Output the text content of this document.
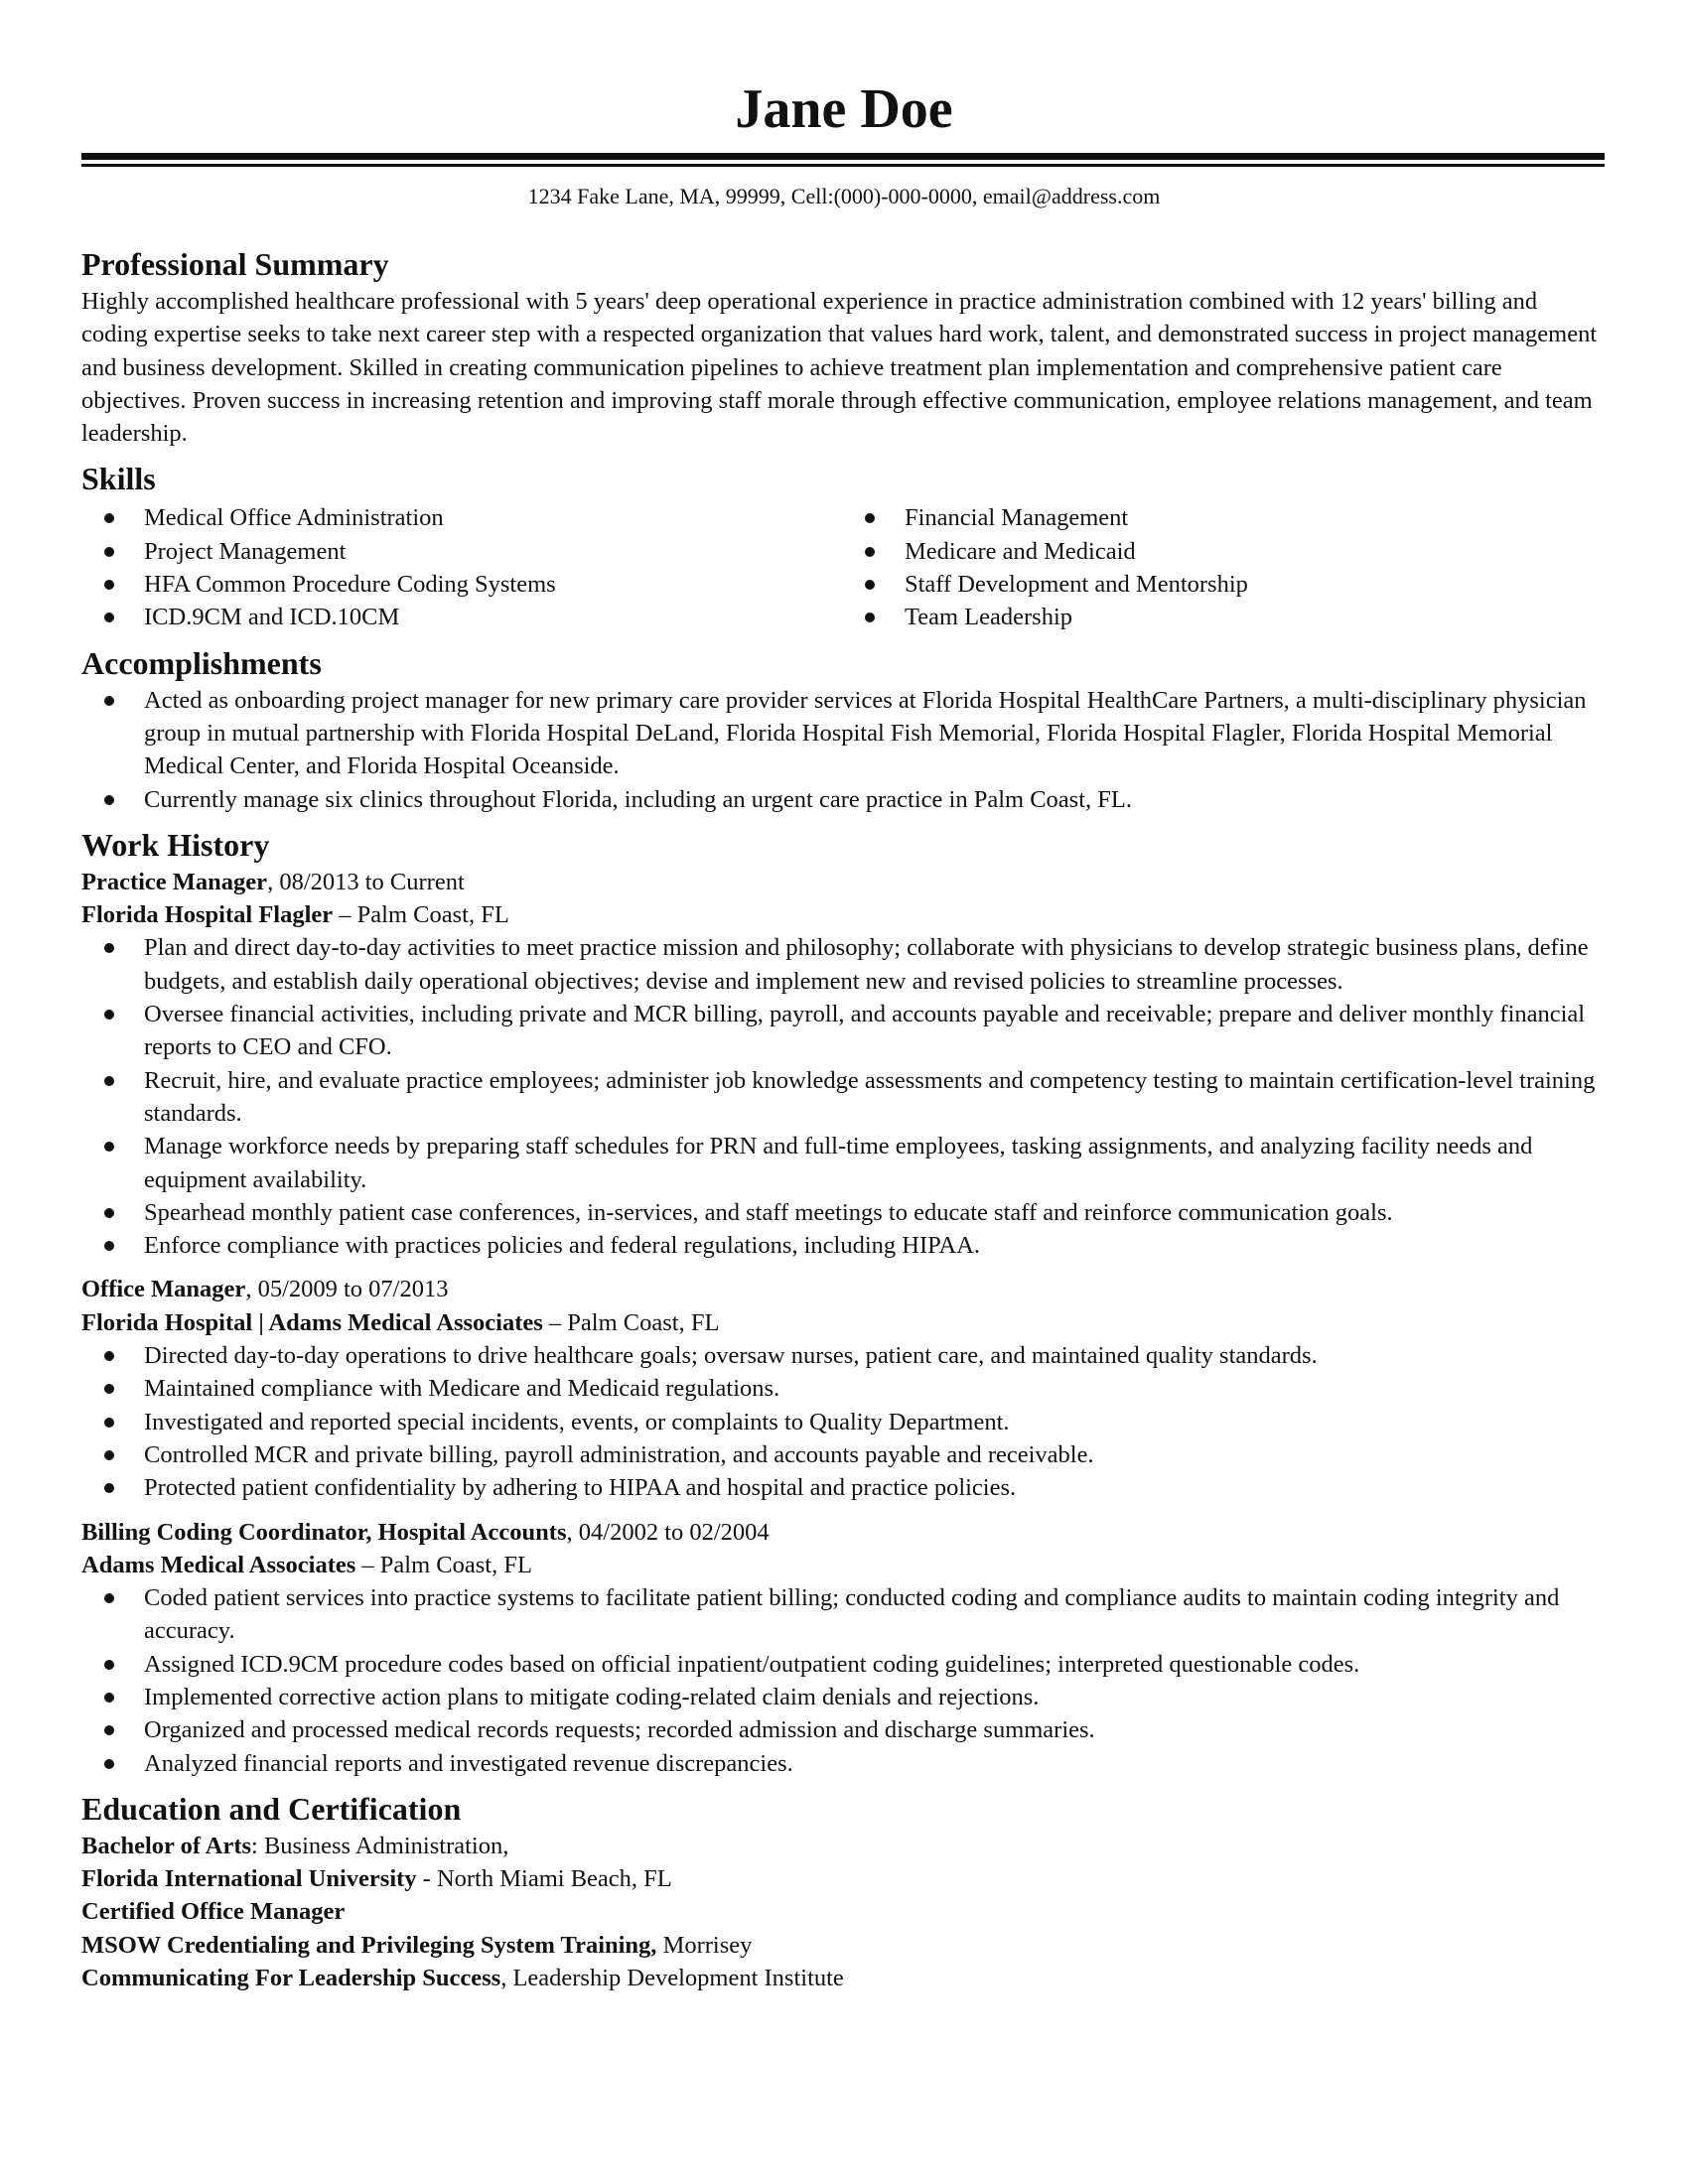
Jane Doe
1234 Fake Lane, MA, 99999, Cell:(000)-000-0000, email@address.com
Professional Summary

Highly accomplished healthcare professional with 5 years' deep operational experience in practice administration combined with 12 years' billing and coding expertise seeks to take next career step with a respected organization that values hard work, talent, and demonstrated success in project management and business development. Skilled in creating communication pipelines to achieve treatment plan implementation and comprehensive patient care objectives. Proven success in increasing retention and improving staff morale through effective communication, employee relations management, and team leadership.

Skills
Medical Office Administration
Project Management
HFA Common Procedure Coding Systems
ICD.9CM and ICD.10CM
Financial Management
Medicare and Medicaid
Staff Development and Mentorship
Team Leadership
Accomplishments
Acted as onboarding project manager for new primary care provider services at Florida Hospital HealthCare Partners, a multi-disciplinary physician group in mutual partnership with Florida Hospital DeLand, Florida Hospital Fish Memorial, Florida Hospital Flagler, Florida Hospital Memorial Medical Center, and Florida Hospital Oceanside.
Currently manage six clinics throughout Florida, including an urgent care practice in Palm Coast, FL.
Work History

Practice Manager, 08/2013 to Current

Florida Hospital Flagler – Palm Coast, FL

Plan and direct day-to-day activities to meet practice mission and philosophy; collaborate with physicians to develop strategic business plans, define budgets, and establish daily operational objectives; devise and implement new and revised policies to streamline processes.
Oversee financial activities, including private and MCR billing, payroll, and accounts payable and receivable; prepare and deliver monthly financial reports to CEO and CFO.
Recruit, hire, and evaluate practice employees; administer job knowledge assessments and competency testing to maintain certification-level training standards.
Manage workforce needs by preparing staff schedules for PRN and full-time employees, tasking assignments, and analyzing facility needs and equipment availability.
Spearhead monthly patient case conferences, in-services, and staff meetings to educate staff and reinforce communication goals.
Enforce compliance with practices policies and federal regulations, including HIPAA.

Office Manager, 05/2009 to 07/2013

Florida Hospital | Adams Medical Associates – Palm Coast, FL

Directed day-to-day operations to drive healthcare goals; oversaw nurses, patient care, and maintained quality standards.
Maintained compliance with Medicare and Medicaid regulations.
Investigated and reported special incidents, events, or complaints to Quality Department.
Controlled MCR and private billing, payroll administration, and accounts payable and receivable.
Protected patient confidentiality by adhering to HIPAA and hospital and practice policies.

Billing Coding Coordinator, Hospital Accounts, 04/2002 to 02/2004

Adams Medical Associates – Palm Coast, FL

Coded patient services into practice systems to facilitate patient billing; conducted coding and compliance audits to maintain coding integrity and accuracy.
Assigned ICD.9CM procedure codes based on official inpatient/outpatient coding guidelines; interpreted questionable codes.
Implemented corrective action plans to mitigate coding-related claim denials and rejections.
Organized and processed medical records requests; recorded admission and discharge summaries.
Analyzed financial reports and investigated revenue discrepancies.
Education and Certification

Bachelor of Arts: Business Administration,

Florida International University - North Miami Beach, FL

Certified Office Manager

MSOW Credentialing and Privileging System Training, Morrisey

Communicating For Leadership Success, Leadership Development Institute
